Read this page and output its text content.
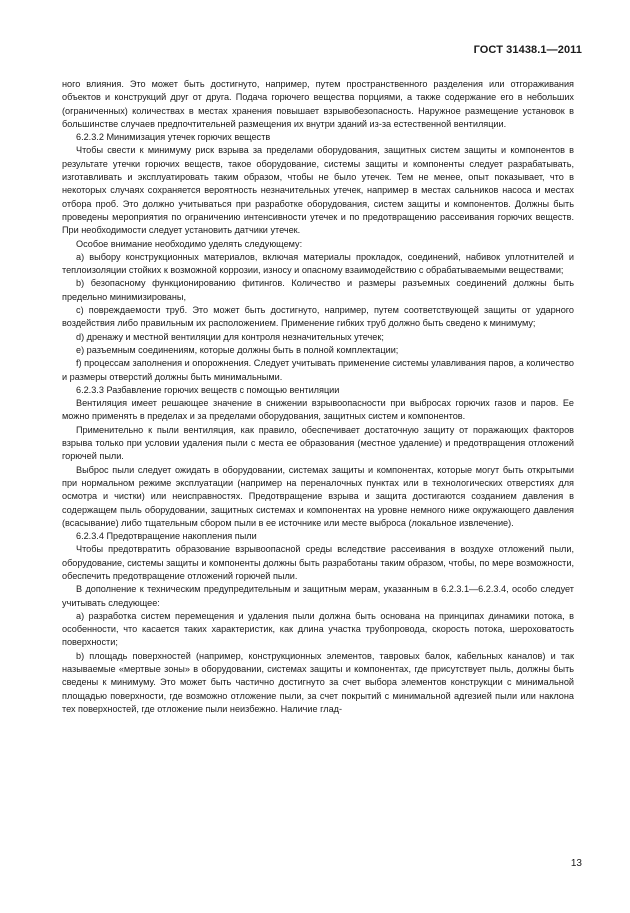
ГОСТ 31438.1—2011

ного влияния. Это может быть достигнуто, например, путем пространственного разделения или отгораживания объектов и конструкций друг от друга. Подача горючего вещества порциями, а также содержание его в небольших (ограниченных) количествах в местах хранения повышает взрывобезопасность. Наружное размещение установок в большинстве случаев предпочтительней размещения их внутри зданий из-за естественной вентиляции.

6.2.3.2 Минимизация утечек горючих веществ

Чтобы свести к минимуму риск взрыва за пределами оборудования, защитных систем защиты и компонентов в результате утечки горючих веществ, такое оборудование, системы защиты и компоненты следует разрабатывать, изготавливать и эксплуатировать таким образом, чтобы не было утечек. Тем не менее, опыт показывает, что в некоторых случаях сохраняется вероятность незначительных утечек, например в местах сальников насоса и местах отбора проб. Это должно учитываться при разработке оборудования, систем защиты и компонентов. Должны быть проведены мероприятия по ограничению интенсивности утечек и по предотвращению рассеивания горючих веществ. При необходимости следует установить датчики утечек.

Особое внимание необходимо уделять следующему:

а) выбору конструкционных материалов, включая материалы прокладок, соединений, набивок уплотнителей и теплоизоляции стойких к возможной коррозии, износу и опасному взаимодействию с обрабатываемыми веществами;

b) безопасному функционированию фитингов. Количество и размеры разъемных соединений должны быть предельно минимизированы,

c) повреждаемости труб. Это может быть достигнуто, например, путем соответствующей защиты от ударного воздействия либо правильным их расположением. Применение гибких труб должно быть сведено к минимуму;

d) дренажу и местной вентиляции для контроля незначительных утечек;

e) разъемным соединениям, которые должны быть в полной комплектации;

f) процессам заполнения и опорожнения. Следует учитывать применение системы улавливания паров, а количество и размеры отверстий должны быть минимальными.

6.2.3.3 Разбавление горючих веществ с помощью вентиляции

Вентиляция имеет решающее значение в снижении взрывоопасности при выбросах горючих газов и паров. Ее можно применять в пределах и за пределами оборудования, защитных систем и компонентов.

Применительно к пыли вентиляция, как правило, обеспечивает достаточную защиту от поражающих факторов взрыва только при условии удаления пыли с места ее образования (местное удаление) и предотвращения отложений горючей пыли.

Выброс пыли следует ожидать в оборудовании, системах защиты и компонентах, которые могут быть открытыми при нормальном режиме эксплуатации (например на переналочных пунктах или в технологических отверстиях для осмотра и чистки) или неисправностях. Предотвращение взрыва и защита достигаются созданием давления в содержащем пыль оборудовании, защитных системах и компонентах на уровне немного ниже окружающего давления (всасывание) либо тщательным сбором пыли в ее источнике или месте выброса (локальное извлечение).

6.2.3.4 Предотвращение накопления пыли

Чтобы предотвратить образование взрывоопасной среды вследствие рассеивания в воздухе отложений пыли, оборудование, системы защиты и компоненты должны быть разработаны таким образом, чтобы, по мере возможности, обеспечить предотвращение отложений горючей пыли.

В дополнение к техническим предупредительным и защитным мерам, указанным в 6.2.3.1—6.2.3.4, особо следует учитывать следующее:

а) разработка систем перемещения и удаления пыли должна быть основана на принципах динамики потока, в особенности, что касается таких характеристик, как длина участка трубопровода, скорость потока, шероховатость поверхности;

b) площадь поверхностей (например, конструкционных элементов, тавровых балок, кабельных каналов) и так называемые «мертвые зоны» в оборудовании, системах защиты и компонентах, где присутствует пыль, должны быть сведены к минимуму. Это может быть частично достигнуто за счет выбора элементов конструкции с минимальной площадью поверхности, где возможно отложение пыли, за счет покрытий с минимальной адгезией пыли или наклона тех поверхностей, где отложение пыли неизбежно. Наличие глад-

13
